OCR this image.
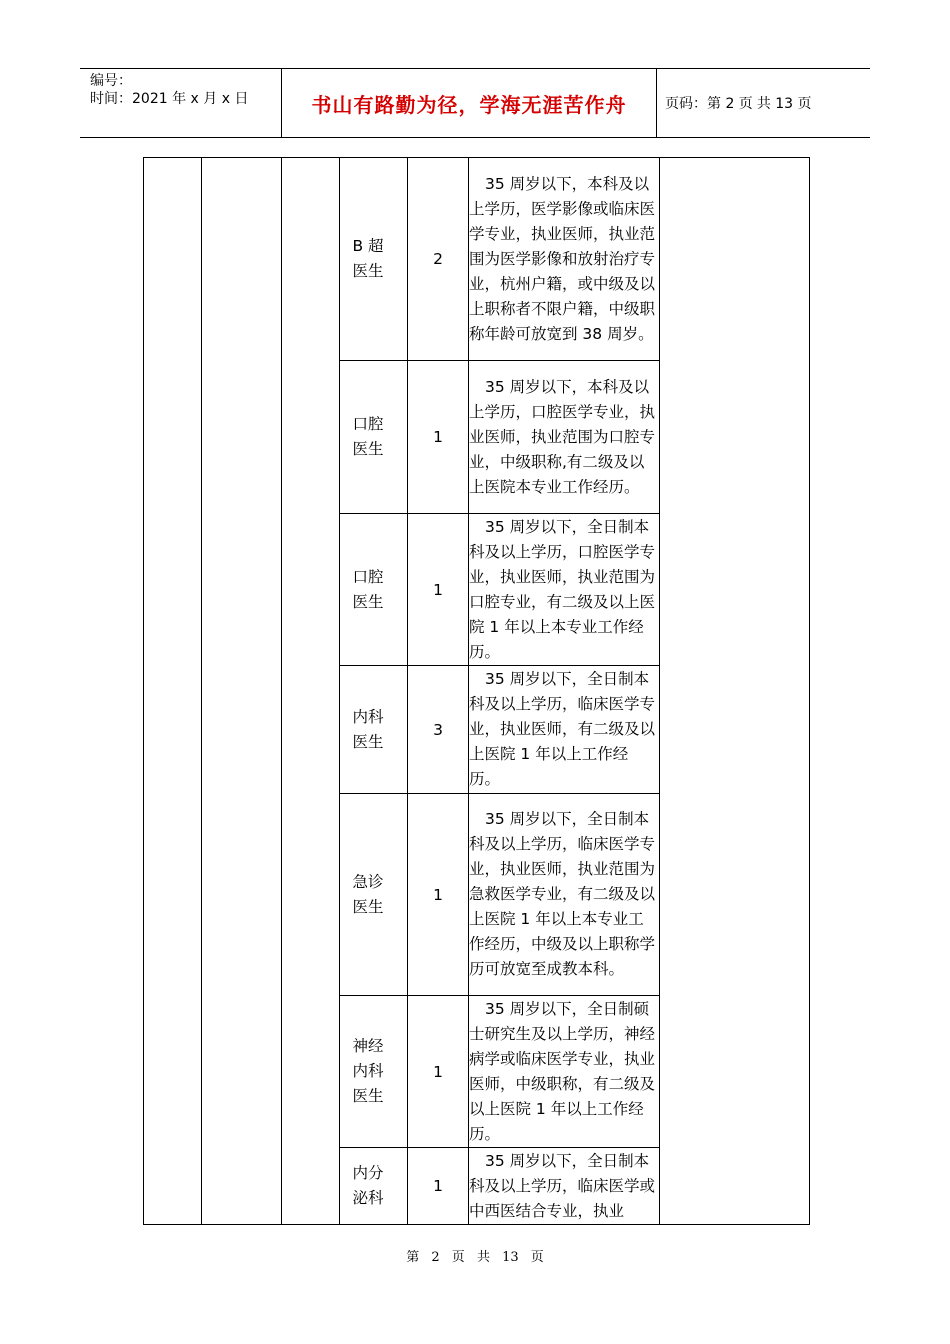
编号：
时间：2021 年 x 月 x 日	书山有路勤为径，学海无涯苦作舟	页码：第 2 页 共 13 页
			B 超医生	2	35 周岁以下，本科及以上学历，医学影像或临床医学专业，执业医师，执业范围为医学影像和放射治疗专业，杭州户籍，或中级及以上职称者不限户籍，中级职称年龄可放宽到 38 周岁。	
			口腔医生	1	35 周岁以下，本科及以上学历，口腔医学专业，执业医师，执业范围为口腔专业，中级职称,有二级及以上医院本专业工作经历。	
			口腔医生	1	35 周岁以下，全日制本科及以上学历，口腔医学专业，执业医师，执业范围为口腔专业，有二级及以上医院 1 年以上本专业工作经历。	
			内科医生	3	35 周岁以下，全日制本科及以上学历，临床医学专业，执业医师，有二级及以上医院 1 年以上工作经历。	
			急诊医生	1	35 周岁以下，全日制本科及以上学历，临床医学专业，执业医师，执业范围为急救医学专业，有二级及以上医院 1 年以上本专业工作经历，中级及以上职称学历可放宽至成教本科。	
			神经内科医生	1	35 周岁以下，全日制硕士研究生及以上学历，神经病学或临床医学专业，执业医师，中级职称，有二级及以上医院 1 年以上工作经历。	
			内分泌科	1	35 周岁以下，全日制本科及以上学历，临床医学或中西医结合专业，执业	
第 2 页 共 13 页
